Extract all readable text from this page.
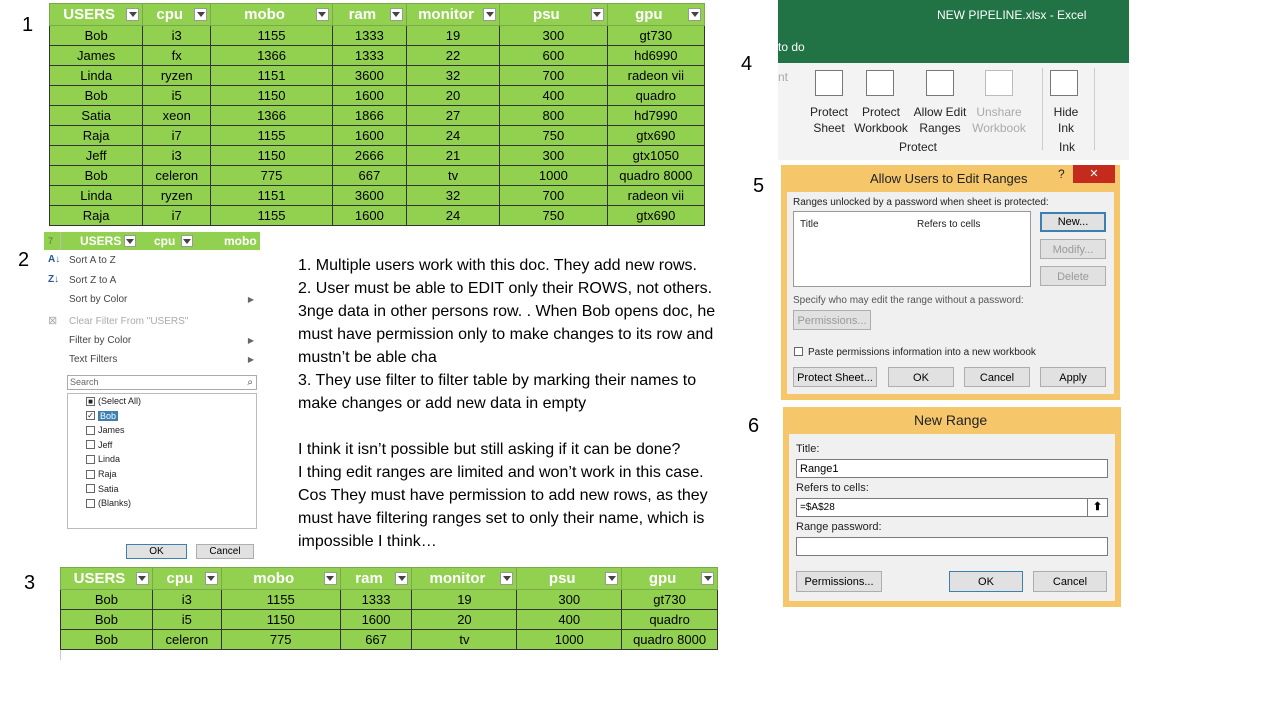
1
2
3
4
5
6
USERS	cpu	mobo	ram	monitor	psu	gpu

Bob	i3	1155	1333	19	300	gt730
James	fx	1366	1333	22	600	hd6990
Linda	ryzen	1151	3600	32	700	radeon vii
Bob	i5	1150	1600	20	400	quadro
Satia	xeon	1366	1866	27	800	hd7990
Raja	i7	1155	1600	24	750	gtx690
Jeff	i3	1150	2666	21	300	gtx1050
Bob	celeron	775	667	tv	1000	quadro 8000
Linda	ryzen	1151	3600	32	700	radeon vii
Raja	i7	1155	1600	24	750	gtx690
7 USERS	cpu	mobo
A↓ Sort A to Z
Z↓ Sort Z to A
Sort by Color	▶
⊠ Clear Filter From "USERS"
Filter by Color	▶
Text Filters	▶
Search	⌕
■ (Select All)
✓ Bob
James
Jeff
Linda
Raja
Satia
(Blanks)
OK	Cancel
1. Multiple users work with this doc. They add new rows.
2. User must be able to EDIT only their ROWS, not others.
3nge data in other persons row. . When Bob opens doc, he
must have permission only to make changes to its row and
mustn’t be able cha
3. They use filter to filter table by marking their names to
make changes or add new data in empty
I think it isn’t possible but still asking if it can be done?
I thing edit ranges are limited and won’t work in this case.
Cos They must have permission to add new rows, as they
must have filtering ranges set to only their name, which is
impossible I think…
USERS	cpu	mobo	ram	monitor	psu	gpu

Bob	i3	1155	1333	19	300	gt730
Bob	i5	1150	1600	20	400	quadro
Bob	celeron	775	667	tv	1000	quadro 8000
NEW PIPELINE.xlsx - Excel
to do
nt
Protect
Sheet
Protect
Workbook
Allow Edit
Ranges
Unshare
Workbook
Hide
Ink
Protect	Ink
Allow Users to Edit Ranges	?	✕
Ranges unlocked by a password when sheet is protected:
Title	Refers to cells	New...
Modify...
Delete
Specify who may edit the range without a password:
Permissions...
Paste permissions information into a new workbook
Protect Sheet...	OK	Cancel	Apply
New Range
Title:
Range1
Refers to cells:
=$A$28	⬆
Range password:
Permissions...	OK	Cancel
